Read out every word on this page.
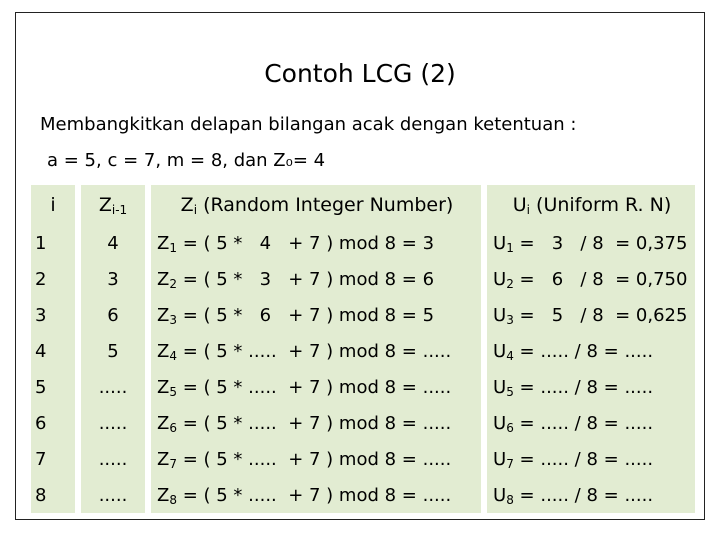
Contoh LCG (2)
Membangkitkan delapan bilangan acak dengan ketentuan :
a = 5, c = 7, m = 8, dan Z₀= 4
i	$Z_{i-1}$	$Z_i$ (Random Integer Number)	$U_i$ (Uniform R. N)
1	4	$Z_1$ = ( 5 *   4   + 7 ) mod 8 = 3	$U_1 = 3 / 8 = 0,375$
2	3	$Z_2$ = ( 5 *   3   + 7 ) mod 8 = 6	$U_2 = 6 / 8 = 0,750$
3	6	$Z_3$ = ( 5 *   6   + 7 ) mod 8 = 5	$U_3 = 5 / 8 = 0,625$
4	5	$Z_4$ = ( 5 * .....  + 7 ) mod 8 = .....	$U_4$ = ..... / 8 = .....
5	.....	$Z_5$ = ( 5 * .....  + 7 ) mod 8 = .....	$U_5$ = ..... / 8 = .....
6	.....	$Z_6$ = ( 5 * .....  + 7 ) mod 8 = .....	$U_6$ = ..... / 8 = .....
7	.....	$Z_7$ = ( 5 * .....  + 7 ) mod 8 = .....	$U_7$ = ..... / 8 = .....
8	.....	$Z_8$ = ( 5 * .....  + 7 ) mod 8 = .....	$U_8$ = ..... / 8 = .....
